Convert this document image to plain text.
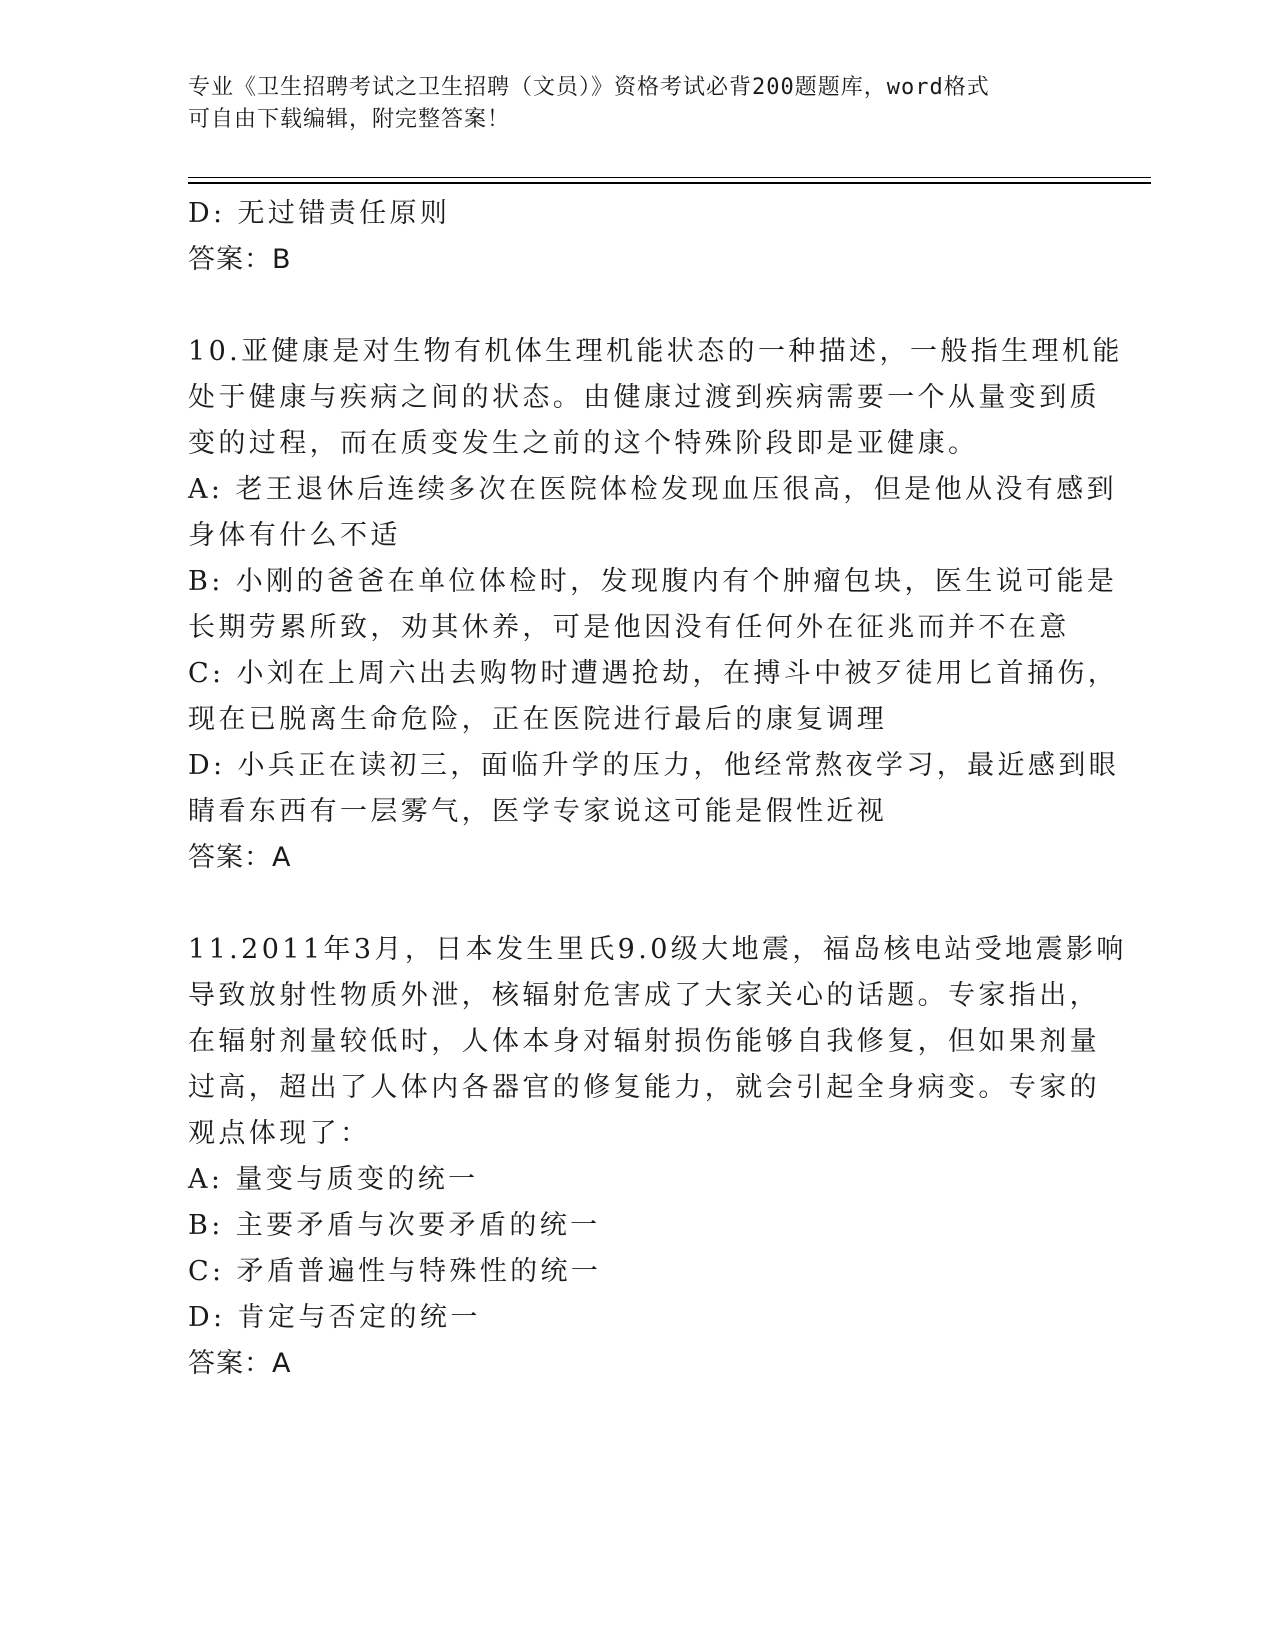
专业《卫生招聘考试之卫生招聘（文员）》资格考试必背200题题库，word格式
可自由下载编辑，附完整答案！

D: 无过错责任原则

答案：B

10.亚健康是对生物有机体生理机能状态的一种描述，一般指生理机能

处于健康与疾病之间的状态。由健康过渡到疾病需要一个从量变到质

变的过程，而在质变发生之前的这个特殊阶段即是亚健康。

A: 老王退休后连续多次在医院体检发现血压很高，但是他从没有感到

身体有什么不适

B: 小刚的爸爸在单位体检时，发现腹内有个肿瘤包块，医生说可能是

长期劳累所致，劝其休养，可是他因没有任何外在征兆而并不在意

C: 小刘在上周六出去购物时遭遇抢劫，在搏斗中被歹徒用匕首捅伤，

现在已脱离生命危险，正在医院进行最后的康复调理

D: 小兵正在读初三，面临升学的压力，他经常熬夜学习，最近感到眼

睛看东西有一层雾气，医学专家说这可能是假性近视

答案：A

11.2011年3月，日本发生里氏9.0级大地震，福岛核电站受地震影响

导致放射性物质外泄，核辐射危害成了大家关心的话题。专家指出，

在辐射剂量较低时，人体本身对辐射损伤能够自我修复，但如果剂量

过高，超出了人体内各器官的修复能力，就会引起全身病变。专家的

观点体现了：

A: 量变与质变的统一

B: 主要矛盾与次要矛盾的统一

C: 矛盾普遍性与特殊性的统一

D: 肯定与否定的统一

答案：A
